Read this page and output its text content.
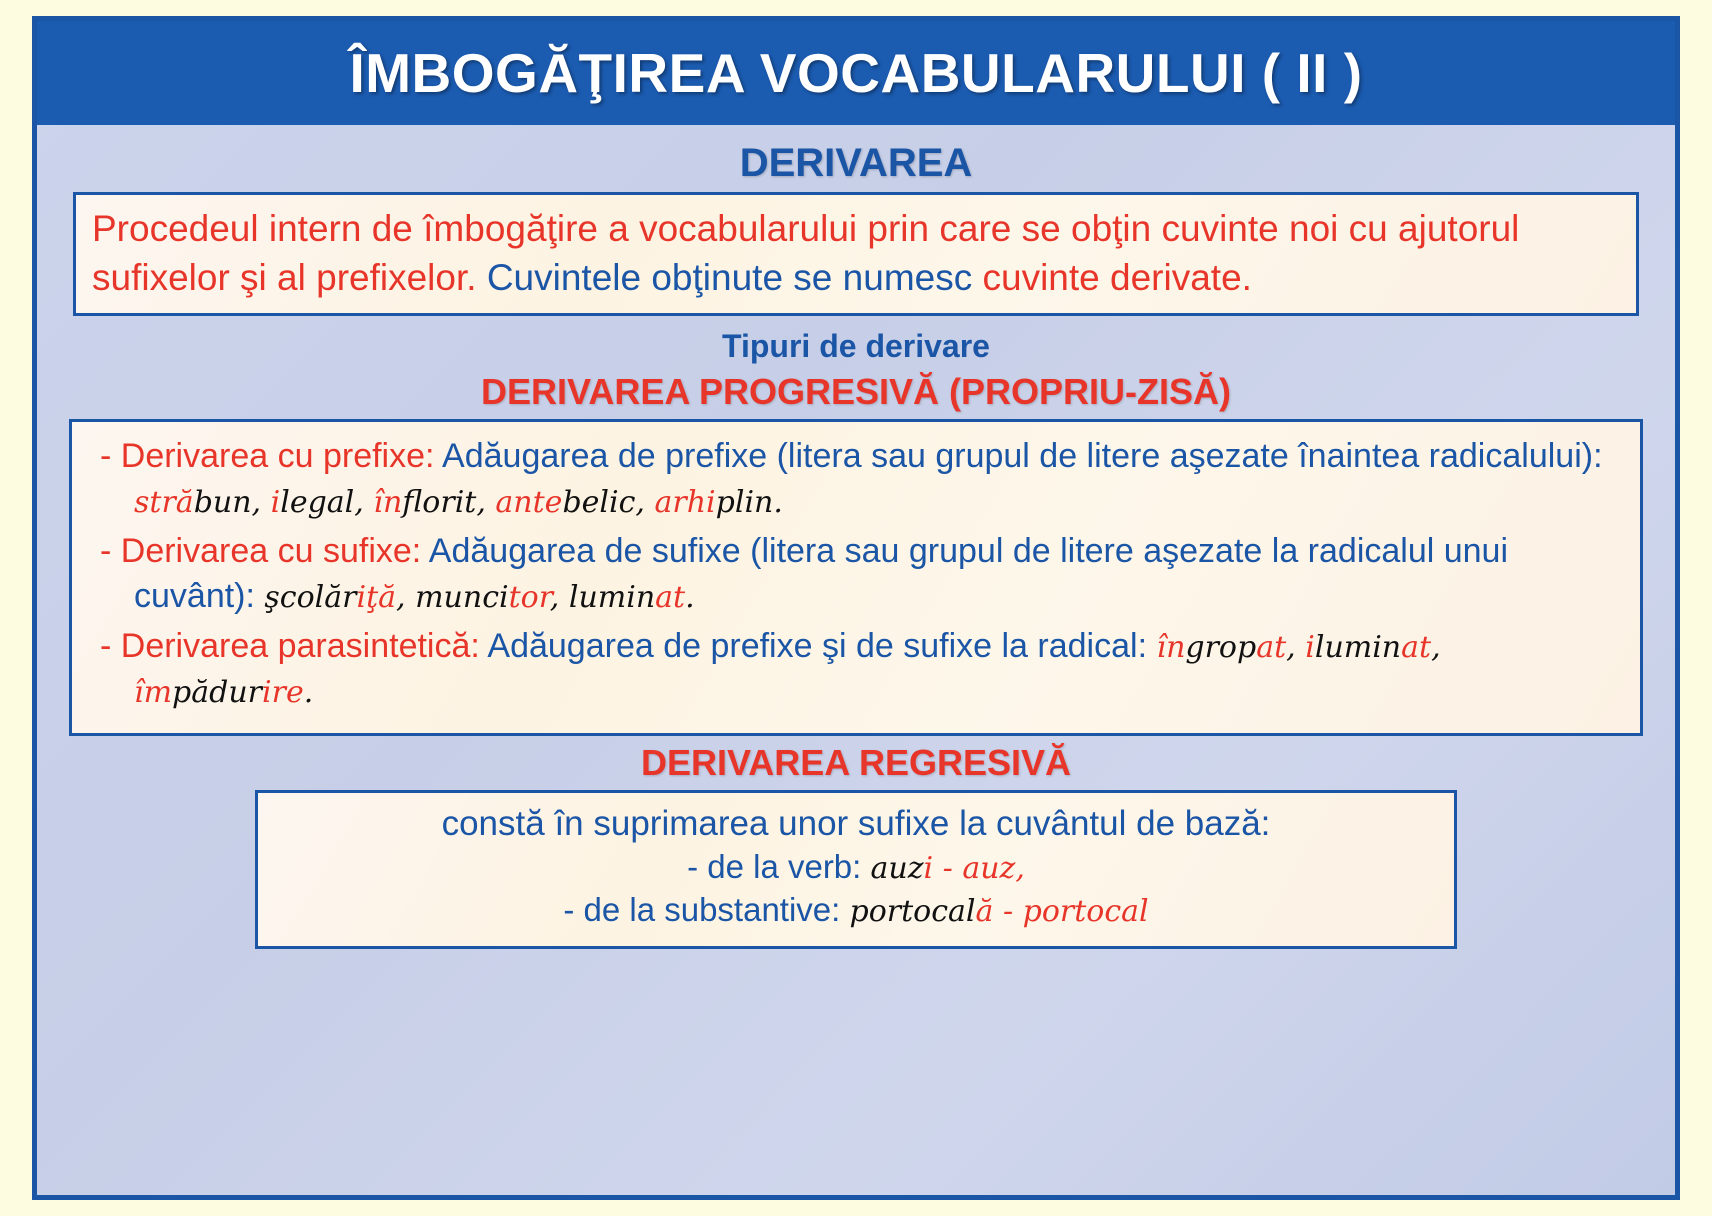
ÎMBOGĂŢIREA VOCABULARULUI ( II )
DERIVAREA
Procedeul intern de îmbogăţire a vocabularului prin care se obţin cuvinte noi cu ajutorul sufixelor şi al prefixelor. Cuvintele obţinute se numesc cuvinte derivate.
Tipuri de derivare
DERIVAREA PROGRESIVĂ (PROPRIU-ZISĂ)
- Derivarea cu prefixe: Adăugarea de prefixe (litera sau grupul de litere aşezate înaintea radicalului): străbun, ilegal, înflorit, antebelic, arhiplin.
- Derivarea cu sufixe: Adăugarea de sufixe (litera sau grupul de litere aşezate la radicalul unui cuvânt): şcolăriţă, muncitor, luminat.
- Derivarea parasintetică: Adăugarea de prefixe şi de sufixe la radical: îngropat, iluminat, împădurire.
DERIVAREA REGRESIVĂ
constă în suprimarea unor sufixe la cuvântul de bază:
- de la verb: auzi - auz,
- de la substantive: portocală - portocal
